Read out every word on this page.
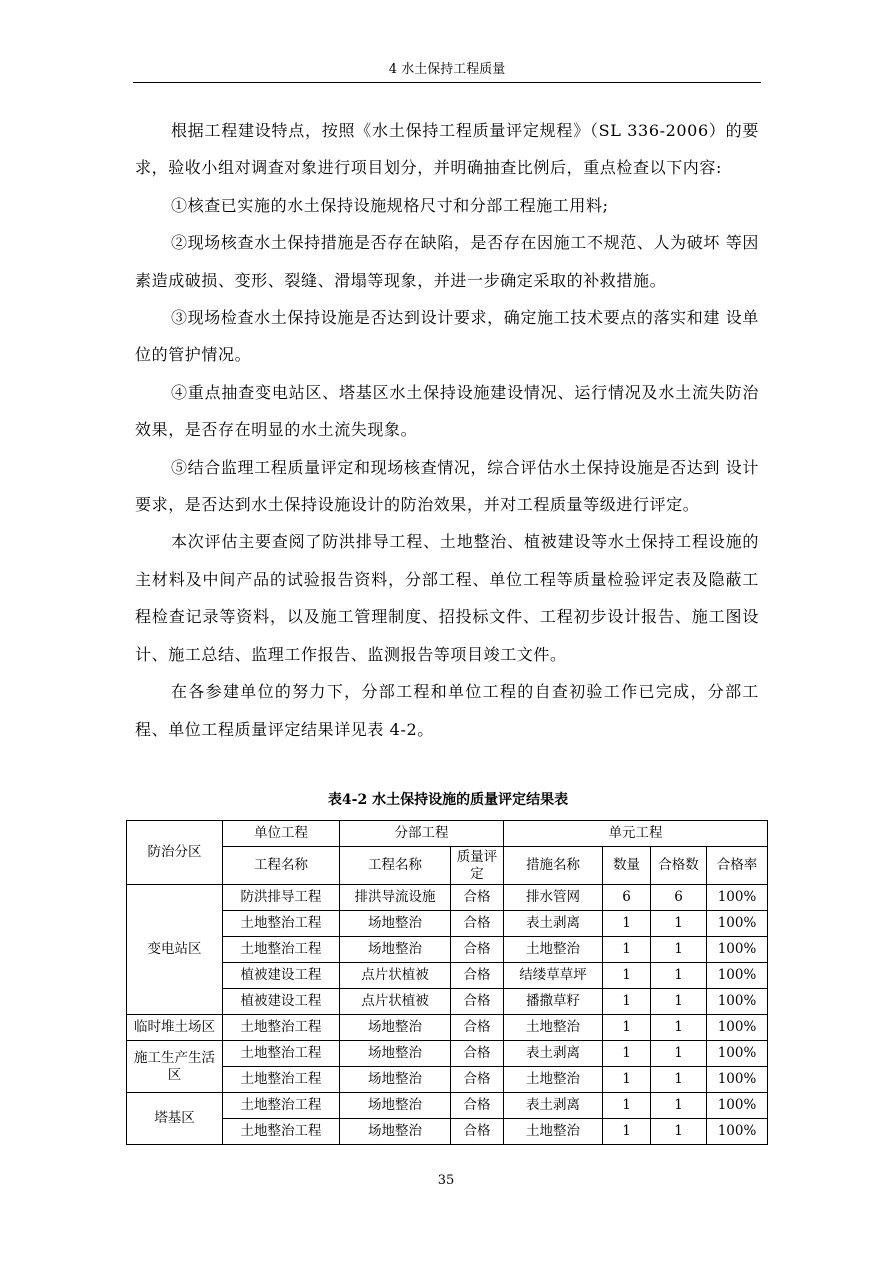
4 水土保持工程质量

根据工程建设特点，按照《水土保持工程质量评定规程》（SL 336-2006）的要求，验收小组对调查对象进行项目划分，并明确抽查比例后，重点检查以下内容:

①核查已实施的水土保持设施规格尺寸和分部工程施工用料;

②现场核查水土保持措施是否存在缺陷，是否存在因施工不规范、人为破坏 等因素造成破损、变形、裂缝、滑塌等现象，并进一步确定采取的补救措施。

③现场检查水土保持设施是否达到设计要求，确定施工技术要点的落实和建 设单位的管护情况。

④重点抽查变电站区、塔基区水土保持设施建设情况、运行情况及水土流失防治效果，是否存在明显的水土流失现象。

⑤结合监理工程质量评定和现场核查情况，综合评估水土保持设施是否达到 设计要求，是否达到水土保持设施设计的防治效果，并对工程质量等级进行评定。

本次评估主要查阅了防洪排导工程、土地整治、植被建设等水土保持工程设施的主材料及中间产品的试验报告资料，分部工程、单位工程等质量检验评定表及隐蔽工程检查记录等资料，以及施工管理制度、招投标文件、工程初步设计报告、施工图设计、施工总结、监理工作报告、监测报告等项目竣工文件。

在各参建单位的努力下，分部工程和单位工程的自查初验工作已完成，分部工程、单位工程质量评定结果详见表 4-2。

表4-2 水土保持设施的质量评定结果表
防治分区	单位工程	分部工程		单元工程			
	工程名称	工程名称	质量评定	措施名称	数量	合格数	合格率
变电站区	防洪排导工程	排洪导流设施	合格	排水管网	6	6	100%
	土地整治工程	场地整治	合格	表土剥离	1	1	100%
	土地整治工程	场地整治	合格	土地整治	1	1	100%
	植被建设工程	点片状植被	合格	结缕草草坪	1	1	100%
	植被建设工程	点片状植被	合格	播撒草籽	1	1	100%
临时堆土场区	土地整治工程	场地整治	合格	土地整治	1	1	100%
施工生产生活区	土地整治工程	场地整治	合格	表土剥离	1	1	100%
	土地整治工程	场地整治	合格	土地整治	1	1	100%
塔基区	土地整治工程	场地整治	合格	表土剥离	1	1	100%
	土地整治工程	场地整治	合格	土地整治	1	1	100%
35
